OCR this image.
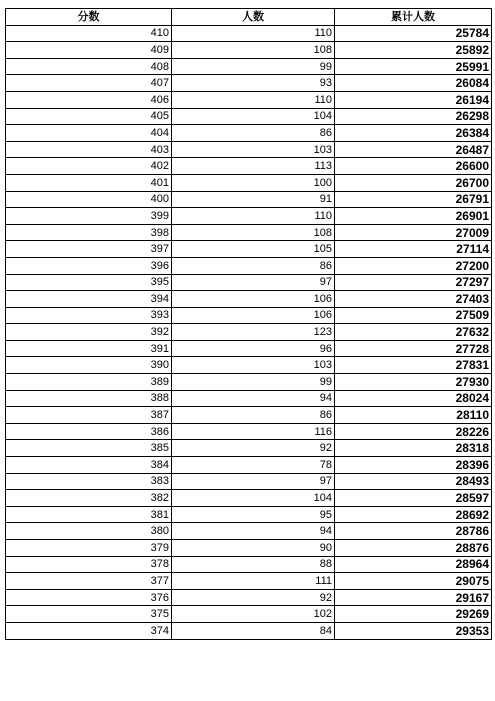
分数	人数	累计人数
410	110	25784
409	108	25892
408	99	25991
407	93	26084
406	110	26194
405	104	26298
404	86	26384
403	103	26487
402	113	26600
401	100	26700
400	91	26791
399	110	26901
398	108	27009
397	105	27114
396	86	27200
395	97	27297
394	106	27403
393	106	27509
392	123	27632
391	96	27728
390	103	27831
389	99	27930
388	94	28024
387	86	28110
386	116	28226
385	92	28318
384	78	28396
383	97	28493
382	104	28597
381	95	28692
380	94	28786
379	90	28876
378	88	28964
377	111	29075
376	92	29167
375	102	29269
374	84	29353
